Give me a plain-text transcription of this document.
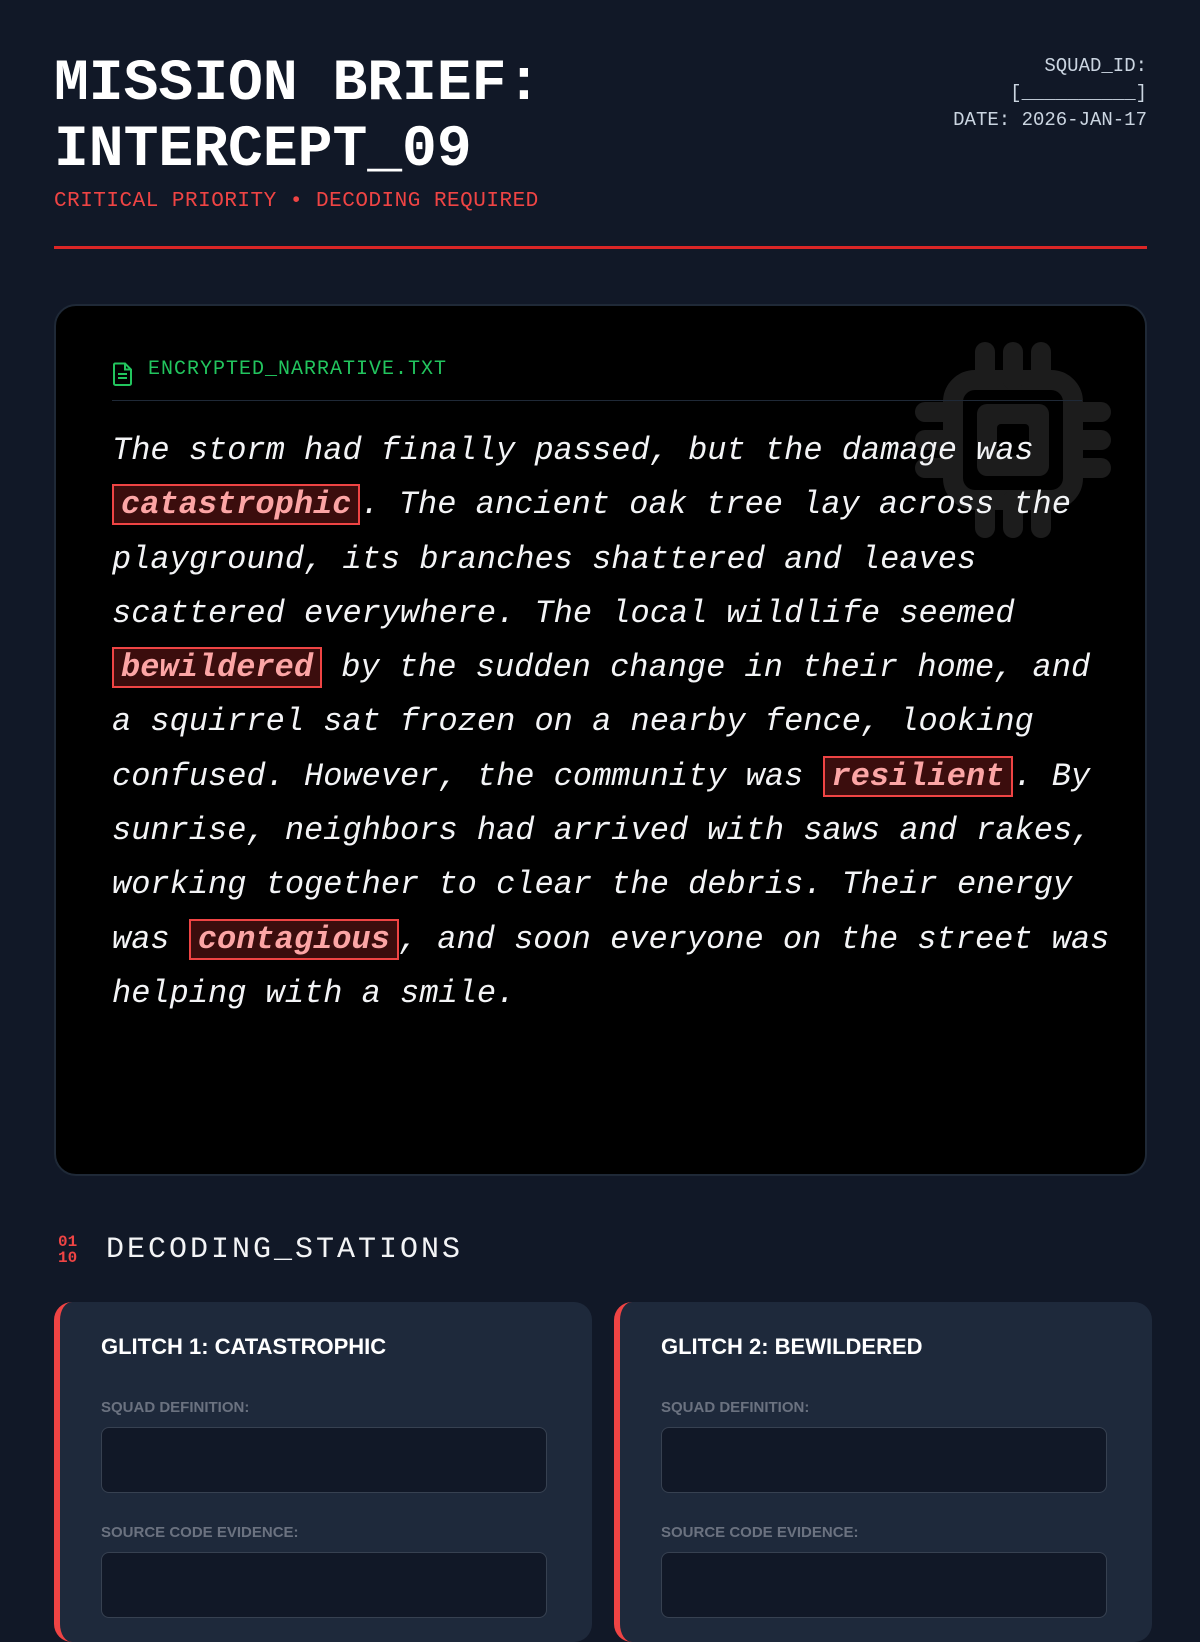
MISSION BRIEF:
INTERCEPT_09
CRITICAL PRIORITY • DECODING REQUIRED
SQUAD_ID:
[__________]
DATE: 2026-JAN-17
ENCRYPTED_NARRATIVE.TXT

The storm had finally passed, but the damage was catastrophic . The ancient oak tree lay across the playground, its branches shattered and leaves scattered everywhere. The local wildlife seemed bewildered by the sudden change in their home, and a squirrel sat frozen on a nearby fence, looking confused. However, the community was resilient . By sunrise, neighbors had arrived with saws and rakes, working together to clear the debris. Their energy was contagious , and soon everyone on the street was helping with a smile.

01
10 DECODING_STATIONS
GLITCH 1: CATASTROPHIC
SQUAD DEFINITION:
SOURCE CODE EVIDENCE:
GLITCH 2: BEWILDERED
SQUAD DEFINITION:
SOURCE CODE EVIDENCE:
